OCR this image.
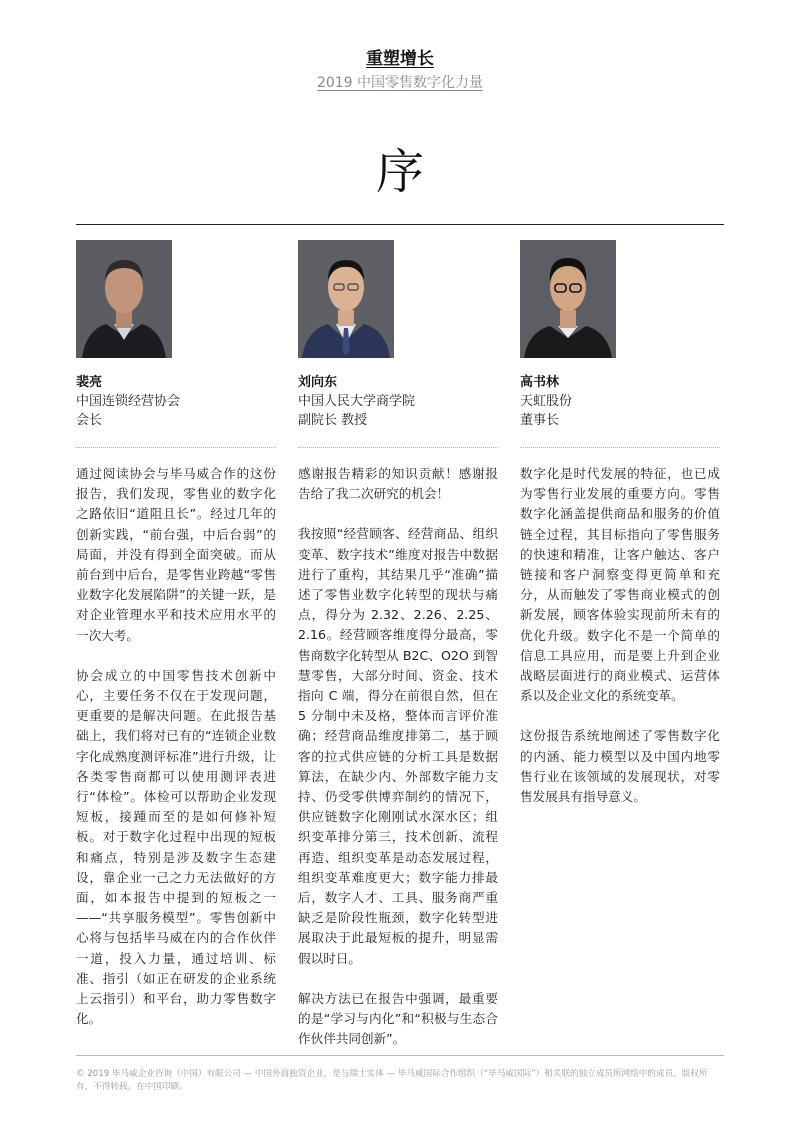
重塑增长
2019 中国零售数字化力量
序
裴亮
中国连锁经营协会
会长

通过阅读协会与毕马威合作的这份报告，我们发现，零售业的数字化之路依旧“道阻且长”。经过几年的创新实践，“前台强，中后台弱”的局面，并没有得到全面突破。而从前台到中后台，是零售业跨越“零售业数字化发展陷阱”的关键一跃，是对企业管理水平和技术应用水平的一次大考。

协会成立的中国零售技术创新中心，主要任务不仅在于发现问题，更重要的是解决问题。在此报告基础上，我们将对已有的“连锁企业数字化成熟度测评标准”进行升级，让各类零售商都可以使用测评表进行“体检”。体检可以帮助企业发现短板，接踵而至的是如何修补短板。对于数字化过程中出现的短板和痛点，特别是涉及数字生态建设，靠企业一己之力无法做好的方面，如本报告中提到的短板之一——“共享服务模型”。零售创新中心将与包括毕马威在内的合作伙伴一道，投入力量，通过培训、标准、指引（如正在研发的企业系统上云指引）和平台，助力零售数字化。

刘向东
中国人民大学商学院
副院长 教授

感谢报告精彩的知识贡献！感谢报告给了我二次研究的机会！

我按照“经营顾客、经营商品、组织变革、数字技术”维度对报告中数据进行了重构，其结果几乎“准确”描述了零售业数字化转型的现状与痛点，得分为 2.32、2.26、2.25、2.16。经营顾客维度得分最高，零售商数字化转型从 B2C、O2O 到智慧零售，大部分时间、资金、技术指向 C 端，得分在前很自然，但在 5 分制中未及格，整体而言评价准确；经营商品维度排第二，基于顾客的拉式供应链的分析工具是数据算法，在缺少内、外部数字能力支持、仍受零供博弈制约的情况下，供应链数字化刚刚试水深水区；组织变革排分第三，技术创新、流程再造、组织变革是动态发展过程，组织变革难度更大；数字能力排最后，数字人才、工具、服务商严重缺乏是阶段性瓶颈，数字化转型进展取决于此最短板的提升，明显需假以时日。

解决方法已在报告中强调，最重要的是“学习与内化”和“积极与生态合作伙伴共同创新”。

高书林
天虹股份
董事长

数字化是时代发展的特征，也已成为零售行业发展的重要方向。零售数字化涵盖提供商品和服务的价值链全过程，其目标指向了零售服务的快速和精准，让客户触达、客户链接和客户洞察变得更简单和充分，从而触发了零售商业模式的创新发展，顾客体验实现前所未有的优化升级。数字化不是一个简单的信息工具应用，而是要上升到企业战略层面进行的商业模式、运营体系以及企业文化的系统变革。

这份报告系统地阐述了零售数字化的内涵、能力模型以及中国内地零售行业在该领域的发展现状，对零售发展具有指导意义。

© 2019 毕马威企业咨询（中国）有限公司 — 中国外商独资企业，是与瑞士实体 — 毕马威国际合作组织（“毕马威国际”）相关联的独立成员所网络中的成员。版权所有，不得转载。在中国印刷。
